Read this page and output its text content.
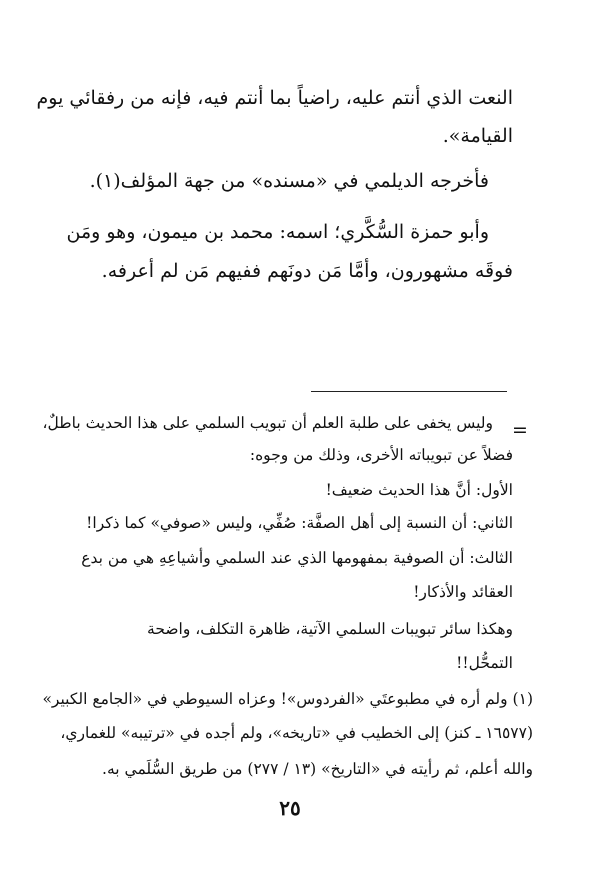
النعت الذي أنتم عليه، راضياً بما أنتم فيه، فإنه من رفقائي يوم
القيامة».
فأخرجه الديلمي في «مسنده» من جهة المؤلف(١).
وأبو حمزة السُّكَّري؛ اسمه: محمد بن ميمون، وهو ومَن
فوقَه مشهورون، وأمَّا مَن دونَهم ففيهم مَن لم أعرفه.
=
وليس يخفى على طلبة العلم أن تبويب السلمي على هذا الحديث باطلٌ،
فضلاً عن تبويباته الأخرى، وذلك من وجوه:
الأول: أنَّ هذا الحديث ضعيف!
الثاني: أن النسبة إلى أهل الصفَّة: صُفِّي، وليس «صوفي» كما ذكرا!
الثالث: أن الصوفية بمفهومها الذي عند السلمي وأشياعِهِ هي من بدع
العقائد والأذكار!
وهكذا سائر تبويبات السلمي الآتية، ظاهرة التكلف، واضحة
التمحُّل!!
(١) ولم أره في مطبوعتَي «الفردوس»! وعزاه السيوطي في «الجامع الكبير»
(١٦٥٧٧ ـ كنز) إلى الخطيب في «تاريخه»، ولم أجده في «ترتيبه» للغماري،
والله أعلم، ثم رأيته في «التاريخ» (١٣ / ٢٧٧) من طريق السُّلَمي به.
٢٥
